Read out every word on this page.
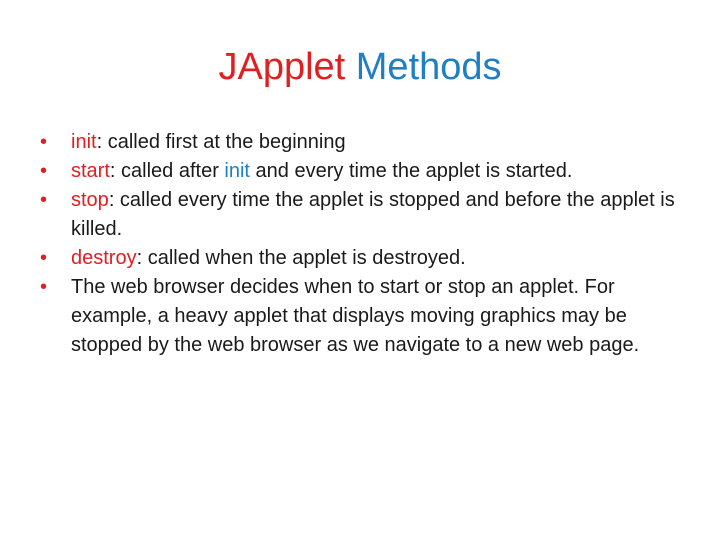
JApplet Methods
•	init: called first at the beginning
•	start: called after init and every time the applet is started.
•	stop: called every time the applet is stopped and before the applet is killed.
•	destroy: called when the applet is destroyed.
•	The web browser decides when to start or stop an applet. For example, a heavy applet that displays moving graphics may be stopped by the web browser as we navigate to a new web page.
